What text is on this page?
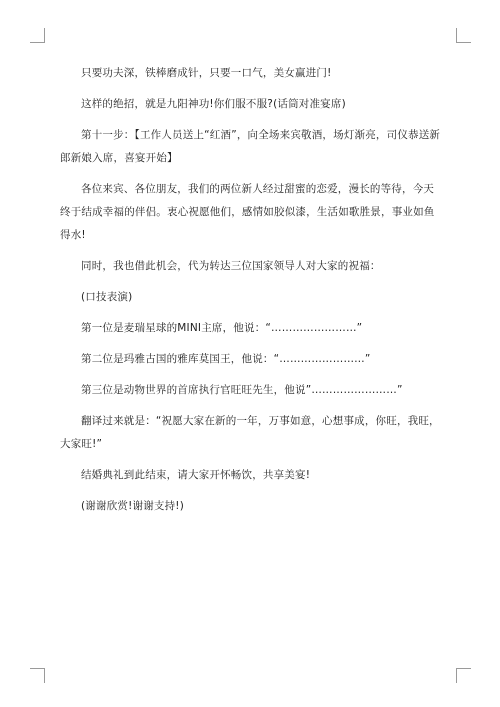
只要功夫深，铁棒磨成针，只要一口气，美女赢进门!

这样的绝招，就是九阳神功!你们服不服?(话筒对准宴席)

第十一步：【工作人员送上“红酒”，向全场来宾敬酒，场灯渐亮，司仪恭送新郎新娘入席，喜宴开始】

各位来宾、各位朋友，我们的两位新人经过甜蜜的恋爱，漫长的等待，今天终于结成幸福的伴侣。衷心祝愿他们，感情如胶似漆，生活如歌胜景，事业如鱼得水!

同时，我也借此机会，代为转达三位国家领导人对大家的祝福：

(口技表演)

第一位是麦瑞星球的MINI主席，他说：“……………………”

第二位是玛雅古国的雅库莫国王，他说：“……………………”

第三位是动物世界的首席执行官旺旺先生，他说”……………………”

翻译过来就是：“祝愿大家在新的一年，万事如意，心想事成，你旺，我旺，大家旺!”

结婚典礼到此结束，请大家开怀畅饮，共享美宴!

(谢谢欣赏!谢谢支持!)
